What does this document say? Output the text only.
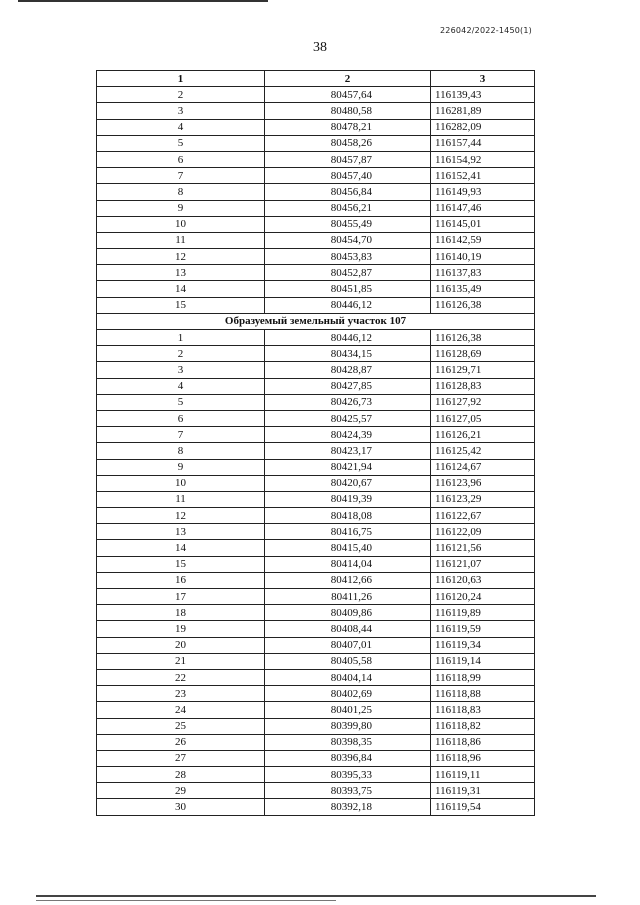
226042/2022-1450(1)
38
1	2	3
2	80457,64	116139,43
3	80480,58	116281,89
4	80478,21	116282,09
5	80458,26	116157,44
6	80457,87	116154,92
7	80457,40	116152,41
8	80456,84	116149,93
9	80456,21	116147,46
10	80455,49	116145,01
11	80454,70	116142,59
12	80453,83	116140,19
13	80452,87	116137,83
14	80451,85	116135,49
15	80446,12	116126,38
Образуемый земельный участок 107		
1	80446,12	116126,38
2	80434,15	116128,69
3	80428,87	116129,71
4	80427,85	116128,83
5	80426,73	116127,92
6	80425,57	116127,05
7	80424,39	116126,21
8	80423,17	116125,42
9	80421,94	116124,67
10	80420,67	116123,96
11	80419,39	116123,29
12	80418,08	116122,67
13	80416,75	116122,09
14	80415,40	116121,56
15	80414,04	116121,07
16	80412,66	116120,63
17	80411,26	116120,24
18	80409,86	116119,89
19	80408,44	116119,59
20	80407,01	116119,34
21	80405,58	116119,14
22	80404,14	116118,99
23	80402,69	116118,88
24	80401,25	116118,83
25	80399,80	116118,82
26	80398,35	116118,86
27	80396,84	116118,96
28	80395,33	116119,11
29	80393,75	116119,31
30	80392,18	116119,54
